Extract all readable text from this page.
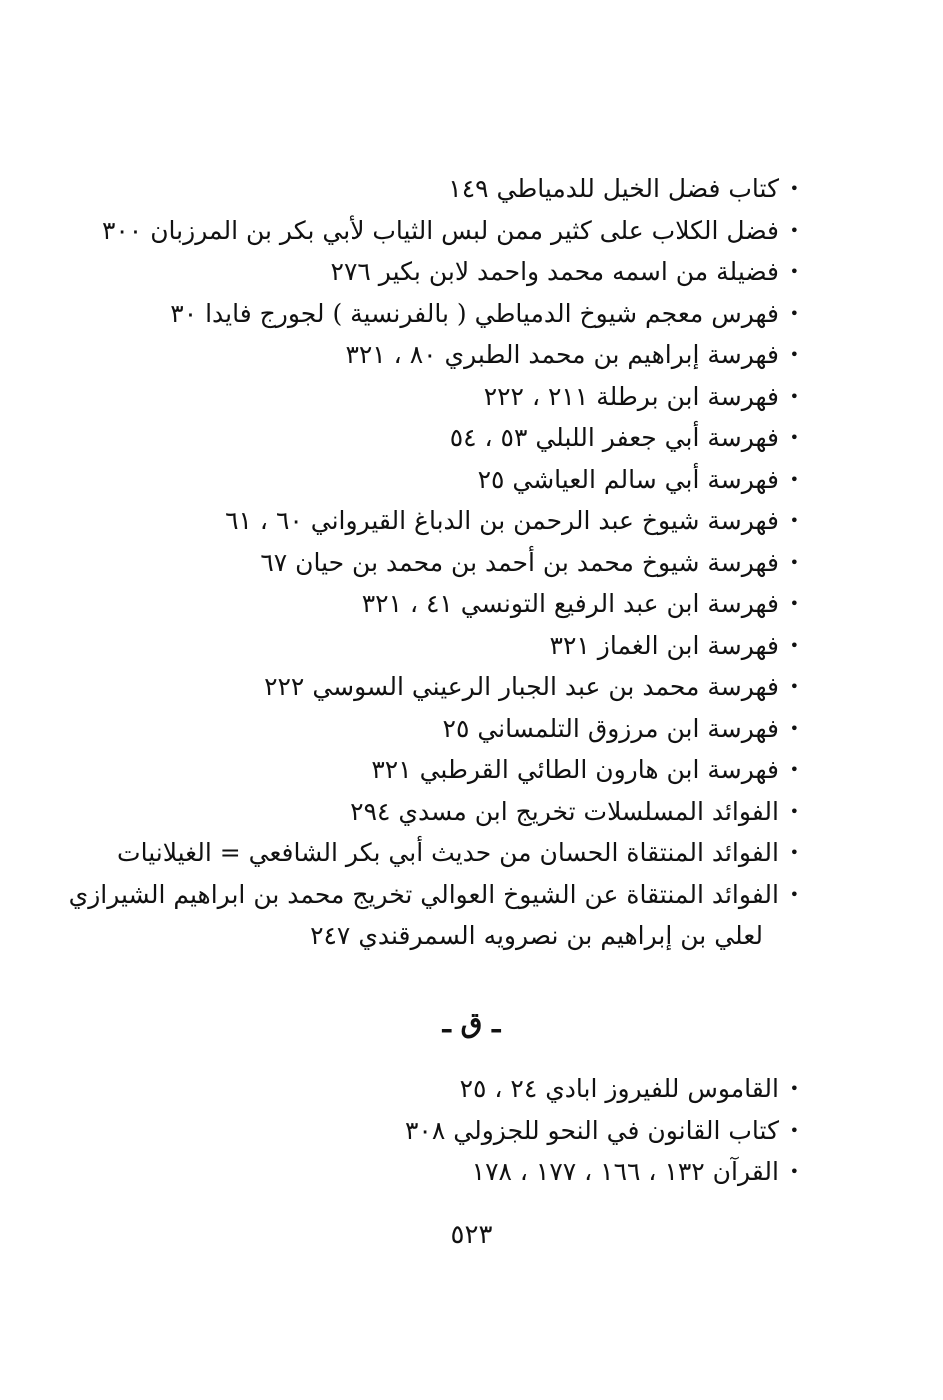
•
كتاب فضل الخيل للدمياطي ١٤٩
•
فضل الكلاب على كثير ممن لبس الثياب لأبي بكر بن المرزبان ٣٠٠
•
فضيلة من اسمه محمد واحمد لابن بكير ٢٧٦
•
فهرس معجم شيوخ الدمياطي ( بالفرنسية ) لجورج فايدا ٣٠
•
فهرسة إبراهيم بن محمد الطبري ٨٠ ، ٣٢١
•
فهرسة ابن برطلة ٢١١ ، ٢٢٢
•
فهرسة أبي جعفر اللبلي ٥٣ ، ٥٤
•
فهرسة أبي سالم العياشي ٢٥
•
فهرسة شيوخ عبد الرحمن بن الدباغ القيرواني ٦٠ ، ٦١
•
فهرسة شيوخ محمد بن أحمد بن محمد بن حيان ٦٧
•
فهرسة ابن عبد الرفيع التونسي ٤١ ، ٣٢١
•
فهرسة ابن الغماز ٣٢١
•
فهرسة محمد بن عبد الجبار الرعيني السوسي ٢٢٢
•
فهرسة ابن مرزوق التلمساني ٢٥
•
فهرسة ابن هارون الطائي القرطبي ٣٢١
•
الفوائد المسلسلات تخريج ابن مسدي ٢٩٤
•
الفوائد المنتقاة الحسان من حديث أبي بكر الشافعي = الغيلانيات
•
الفوائد المنتقاة عن الشيوخ العوالي تخريج محمد بن ابراهيم الشيرازي
لعلي بن إبراهيم بن نصرويه السمرقندي ٢٤٧
ـ ق ـ
•
القاموس للفيروز ابادي ٢٤ ، ٢٥
•
كتاب القانون في النحو للجزولي ٣٠٨
•
القرآن ١٣٢ ، ١٦٦ ، ١٧٧ ، ١٧٨
٥٢٣
